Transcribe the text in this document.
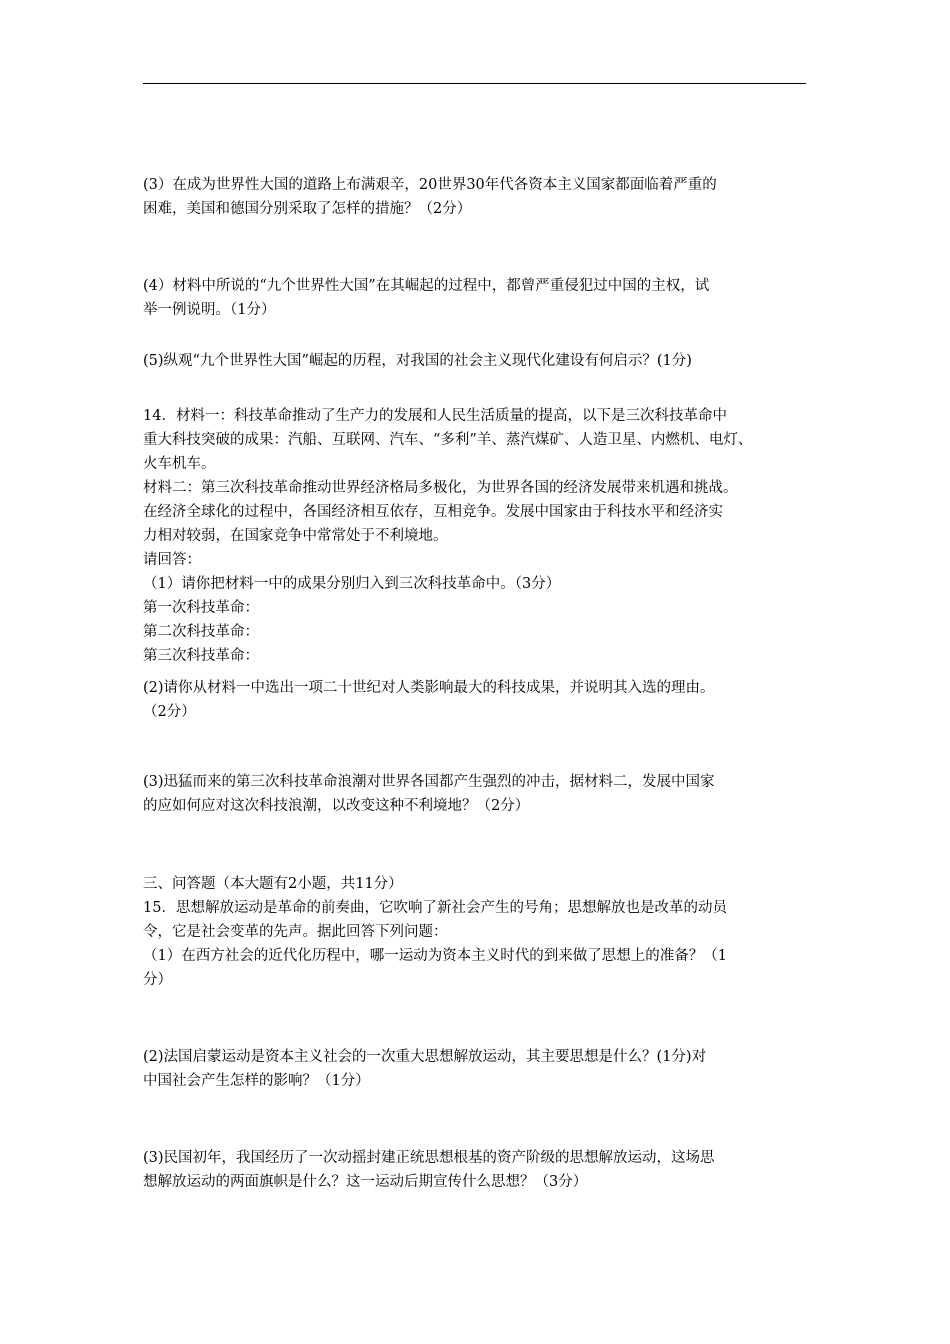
(3）在成为世界性大国的道路上布满艰辛，20世界30年代各资本主义国家都面临着严重的
困难，美国和德国分别采取了怎样的措施？（2分）
(4）材料中所说的“九个世界性大国”在其崛起的过程中，都曾严重侵犯过中国的主权，试
举一例说明。（1分）
(5)纵观“九个世界性大国”崛起的历程，对我国的社会主义现代化建设有何启示？(1分)
14．材料一：科技革命推动了生产力的发展和人民生活质量的提高，以下是三次科技革命中
重大科技突破的成果：汽船、互联网、汽车、“多利”羊、蒸汽煤矿、人造卫星、内燃机、电灯、
火车机车。
材料二：第三次科技革命推动世界经济格局多极化，为世界各国的经济发展带来机遇和挑战。
在经济全球化的过程中，各国经济相互依存，互相竞争。发展中国家由于科技水平和经济实
力相对较弱，在国家竞争中常常处于不利境地。
请回答：
（1）请你把材料一中的成果分别归入到三次科技革命中。（3分）
第一次科技革命：
第二次科技革命：
第三次科技革命：
(2)请你从材料一中选出一项二十世纪对人类影响最大的科技成果，并说明其入选的理由。
（2分）
(3)迅猛而来的第三次科技革命浪潮对世界各国都产生强烈的冲击，据材料二，发展中国家
的应如何应对这次科技浪潮，以改变这种不利境地？（2分）
三、问答题（本大题有2小题，共11分）
15．思想解放运动是革命的前奏曲，它吹响了新社会产生的号角；思想解放也是改革的动员
令，它是社会变革的先声。据此回答下列问题：
（1）在西方社会的近代化历程中，哪一运动为资本主义时代的到来做了思想上的准备？（1
分）
(2)法国启蒙运动是资本主义社会的一次重大思想解放运动，其主要思想是什么？(1分)对
中国社会产生怎样的影响？（1分）
(3)民国初年，我国经历了一次动摇封建正统思想根基的资产阶级的思想解放运动，这场思
想解放运动的两面旗帜是什么？这一运动后期宣传什么思想？（3分）
